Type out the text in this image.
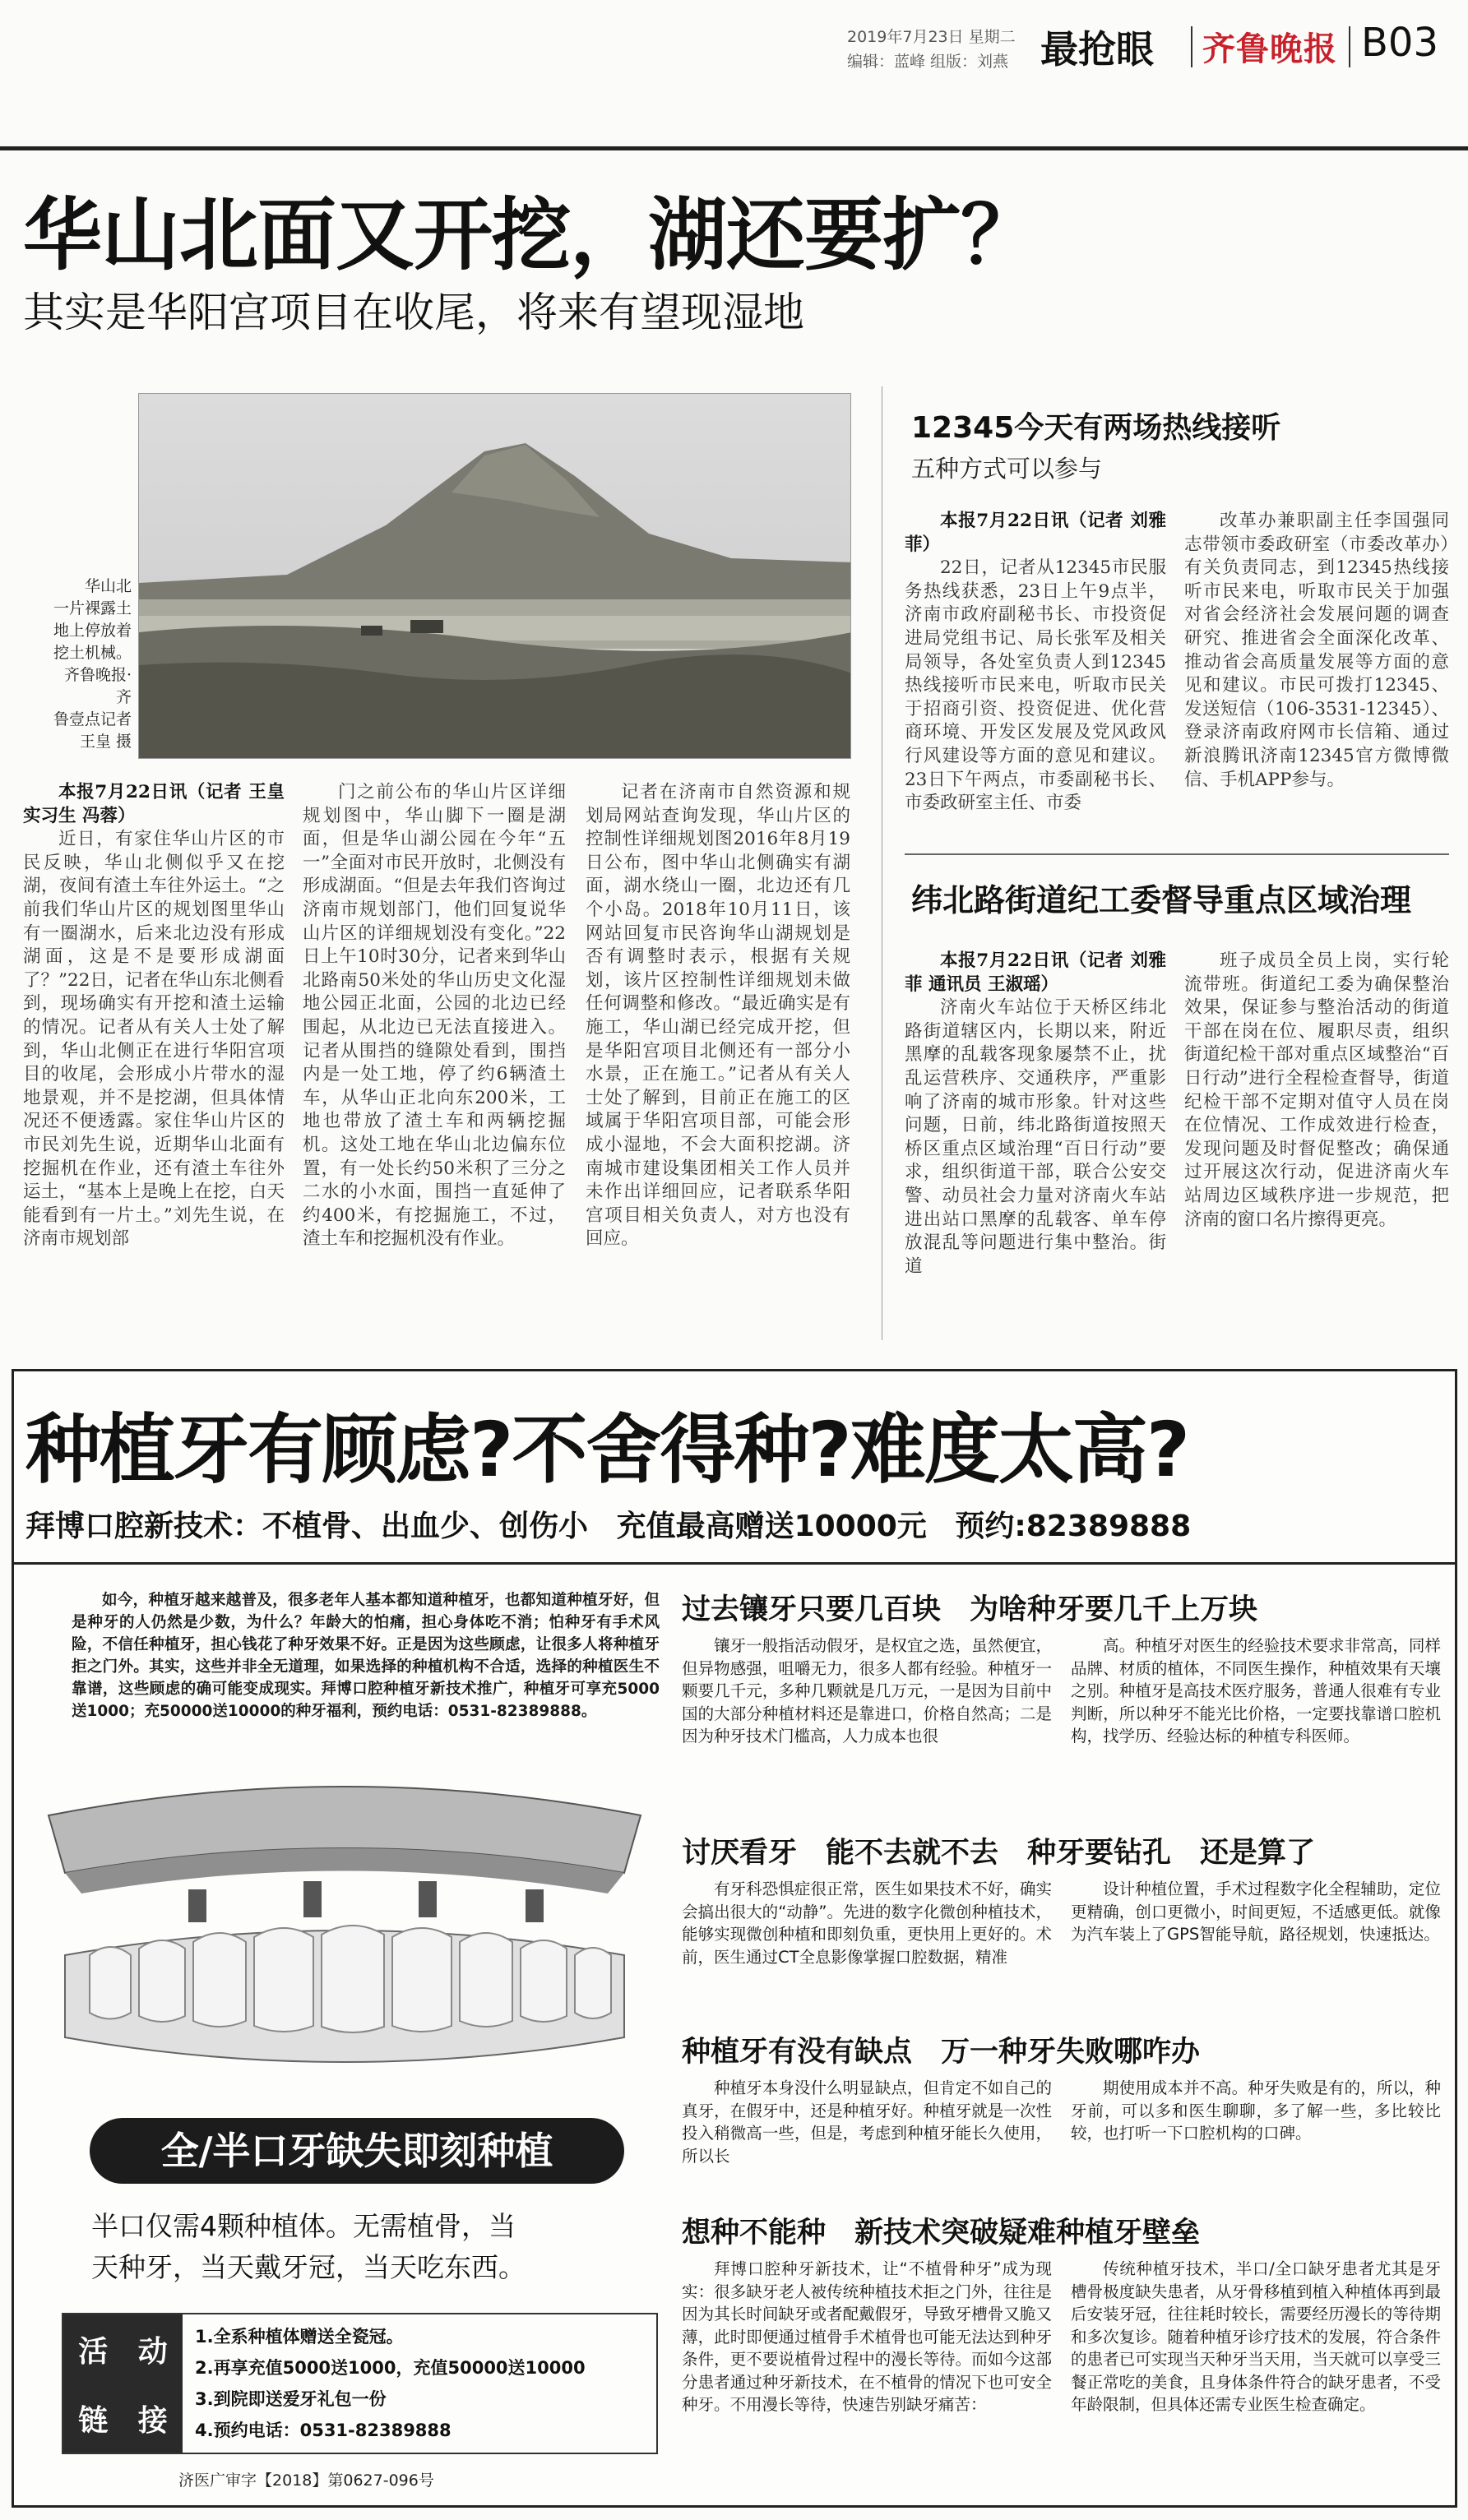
2019年7月23日 星期二
编辑：蓝峰 组版：刘燕 最抢眼 齐鲁晚报 B03
华山北面又开挖，湖还要扩？
其实是华阳宫项目在收尾，将来有望现湿地
华山北
一片裸露土
地上停放着
挖土机械。
齐鲁晚报·齐
鲁壹点记者
王皇 摄
本报7月22日讯（记者 王皇 实习生 冯蓉）

近日，有家住华山片区的市民反映，华山北侧似乎又在挖湖，夜间有渣土车往外运土。“之前我们华山片区的规划图里华山有一圈湖水，后来北边没有形成湖面，这是不是要形成湖面了？”22日，记者在华山东北侧看到，现场确实有开挖和渣土运输的情况。记者从有关人士处了解到，华山北侧正在进行华阳宫项目的收尾，会形成小片带水的湿地景观，并不是挖湖，但具体情况还不便透露。家住华山片区的市民刘先生说，近期华山北面有挖掘机在作业，还有渣土车往外运土，“基本上是晚上在挖，白天能看到有一片土。”刘先生说，在济南市规划部

门之前公布的华山片区详细规划图中，华山脚下一圈是湖面，但是华山湖公园在今年“五一”全面对市民开放时，北侧没有形成湖面。“但是去年我们咨询过济南市规划部门，他们回复说华山片区的详细规划没有变化。”22日上午10时30分，记者来到华山北路南50米处的华山历史文化湿地公园正北面，公园的北边已经围起，从北边已无法直接进入。记者从围挡的缝隙处看到，围挡内是一处工地，停了约6辆渣土车，从华山正北向东200米，工地也带放了渣土车和两辆挖掘机。这处工地在华山北边偏东位置，有一处长约50米积了三分之二水的小水面，围挡一直延伸了约400米，有挖掘施工，不过，渣土车和挖掘机没有作业。

记者在济南市自然资源和规划局网站查询发现，华山片区的控制性详细规划图2016年8月19日公布，图中华山北侧确实有湖面，湖水绕山一圈，北边还有几个小岛。2018年10月11日，该网站回复市民咨询华山湖规划是否有调整时表示，根据有关规划，该片区控制性详细规划未做任何调整和修改。“最近确实是有施工，华山湖已经完成开挖，但是华阳宫项目北侧还有一部分小水景，正在施工。”记者从有关人士处了解到，目前正在施工的区域属于华阳宫项目部，可能会形成小湿地，不会大面积挖湖。济南城市建设集团相关工作人员并未作出详细回应，记者联系华阳宫项目相关负责人，对方也没有回应。

12345今天有两场热线接听
五种方式可以参与
本报7月22日讯（记者 刘雅菲）

22日，记者从12345市民服务热线获悉，23日上午9点半，济南市政府副秘书长、市投资促进局党组书记、局长张军及相关局领导，各处室负责人到12345热线接听市民来电，听取市民关于招商引资、投资促进、优化营商环境、开发区发展及党风政风行风建设等方面的意见和建议。23日下午两点，市委副秘书长、市委政研室主任、市委

改革办兼职副主任李国强同志带领市委政研室（市委改革办）有关负责同志，到12345热线接听市民来电，听取市民关于加强对省会经济社会发展问题的调查研究、推进省会全面深化改革、推动省会高质量发展等方面的意见和建议。市民可拨打12345、发送短信（106-3531-12345）、登录济南政府网市长信箱、通过新浪腾讯济南12345官方微博微信、手机APP参与。

纬北路街道纪工委督导重点区域治理
本报7月22日讯（记者 刘雅菲 通讯员 王淑瑶）

济南火车站位于天桥区纬北路街道辖区内，长期以来，附近黑摩的乱载客现象屡禁不止，扰乱运营秩序、交通秩序，严重影响了济南的城市形象。针对这些问题，日前，纬北路街道按照天桥区重点区域治理“百日行动”要求，组织街道干部，联合公安交警、动员社会力量对济南火车站进出站口黑摩的乱载客、单车停放混乱等问题进行集中整治。街道

班子成员全员上岗，实行轮流带班。街道纪工委为确保整治效果，保证参与整治活动的街道干部在岗在位、履职尽责，组织街道纪检干部对重点区域整治“百日行动”进行全程检查督导，街道纪检干部不定期对值守人员在岗在位情况、工作成效进行检查，发现问题及时督促整改；确保通过开展这次行动，促进济南火车站周边区域秩序进一步规范，把济南的窗口名片擦得更亮。

种植牙有顾虑?不舍得种?难度太高?
拜博口腔新技术：不植骨、出血少、创伤小 充值最高赠送10000元 预约:82389888
如今，种植牙越来越普及，很多老年人基本都知道种植牙，也都知道种植牙好，但是种牙的人仍然是少数，为什么？年龄大的怕痛，担心身体吃不消；怕种牙有手术风险，不信任种植牙，担心钱花了种牙效果不好。正是因为这些顾虑，让很多人将种植牙拒之门外。其实，这些并非全无道理，如果选择的种植机构不合适，选择的种植医生不靠谱，这些顾虑的确可能变成现实。拜博口腔种植牙新技术推广，种植牙可享充5000送1000；充50000送10000的种牙福利，预约电话：0531-82389888。
全/半口牙缺失即刻种植
半口仅需4颗种植体。无需植骨，当
天种牙，当天戴牙冠，当天吃东西。
活 动
链 接
1.全系种植体赠送全瓷冠。
2.再享充值5000送1000，充值50000送10000
3.到院即送爱牙礼包一份
4.预约电话：0531-82389888
济医广审字【2018】第0627-096号
过去镶牙只要几百块　为啥种牙要几千上万块
镶牙一般指活动假牙，是权宜之选，虽然便宜，但异物感强，咀嚼无力，很多人都有经验。种植牙一颗要几千元，多种几颗就是几万元，一是因为目前中国的大部分种植材料还是靠进口，价格自然高；二是因为种牙技术门槛高，人力成本也很
高。种植牙对医生的经验技术要求非常高，同样品牌、材质的植体，不同医生操作，种植效果有天壤之别。种植牙是高技术医疗服务，普通人很难有专业判断，所以种牙不能光比价格，一定要找靠谱口腔机构，找学历、经验达标的种植专科医师。
讨厌看牙　能不去就不去　种牙要钻孔　还是算了
有牙科恐惧症很正常，医生如果技术不好，确实会搞出很大的“动静”。先进的数字化微创种植技术，能够实现微创种植和即刻负重，更快用上更好的。术前，医生通过CT全息影像掌握口腔数据，精准
设计种植位置，手术过程数字化全程辅助，定位更精确，创口更微小，时间更短，不适感更低。就像为汽车装上了GPS智能导航，路径规划，快速抵达。
种植牙有没有缺点　万一种牙失败哪咋办
种植牙本身没什么明显缺点，但肯定不如自己的真牙，在假牙中，还是种植牙好。种植牙就是一次性投入稍微高一些，但是，考虑到种植牙能长久使用，所以长
期使用成本并不高。种牙失败是有的，所以，种牙前，可以多和医生聊聊，多了解一些，多比较比较，也打听一下口腔机构的口碑。
想种不能种　新技术突破疑难种植牙壁垒
拜博口腔种牙新技术，让“不植骨种牙”成为现实：很多缺牙老人被传统种植技术拒之门外，往往是因为其长时间缺牙或者配戴假牙，导致牙槽骨又脆又薄，此时即便通过植骨手术植骨也可能无法达到种牙条件，更不要说植骨过程中的漫长等待。而如今这部分患者通过种牙新技术，在不植骨的情况下也可安全种牙。不用漫长等待，快速告别缺牙痛苦：
传统种植牙技术，半口/全口缺牙患者尤其是牙槽骨极度缺失患者，从牙骨移植到植入种植体再到最后安装牙冠，往往耗时较长，需要经历漫长的等待期和多次复诊。随着种植牙诊疗技术的发展，符合条件的患者已可实现当天种牙当天用，当天就可以享受三餐正常吃的美食，且身体条件符合的缺牙患者，不受年龄限制，但具体还需专业医生检查确定。
